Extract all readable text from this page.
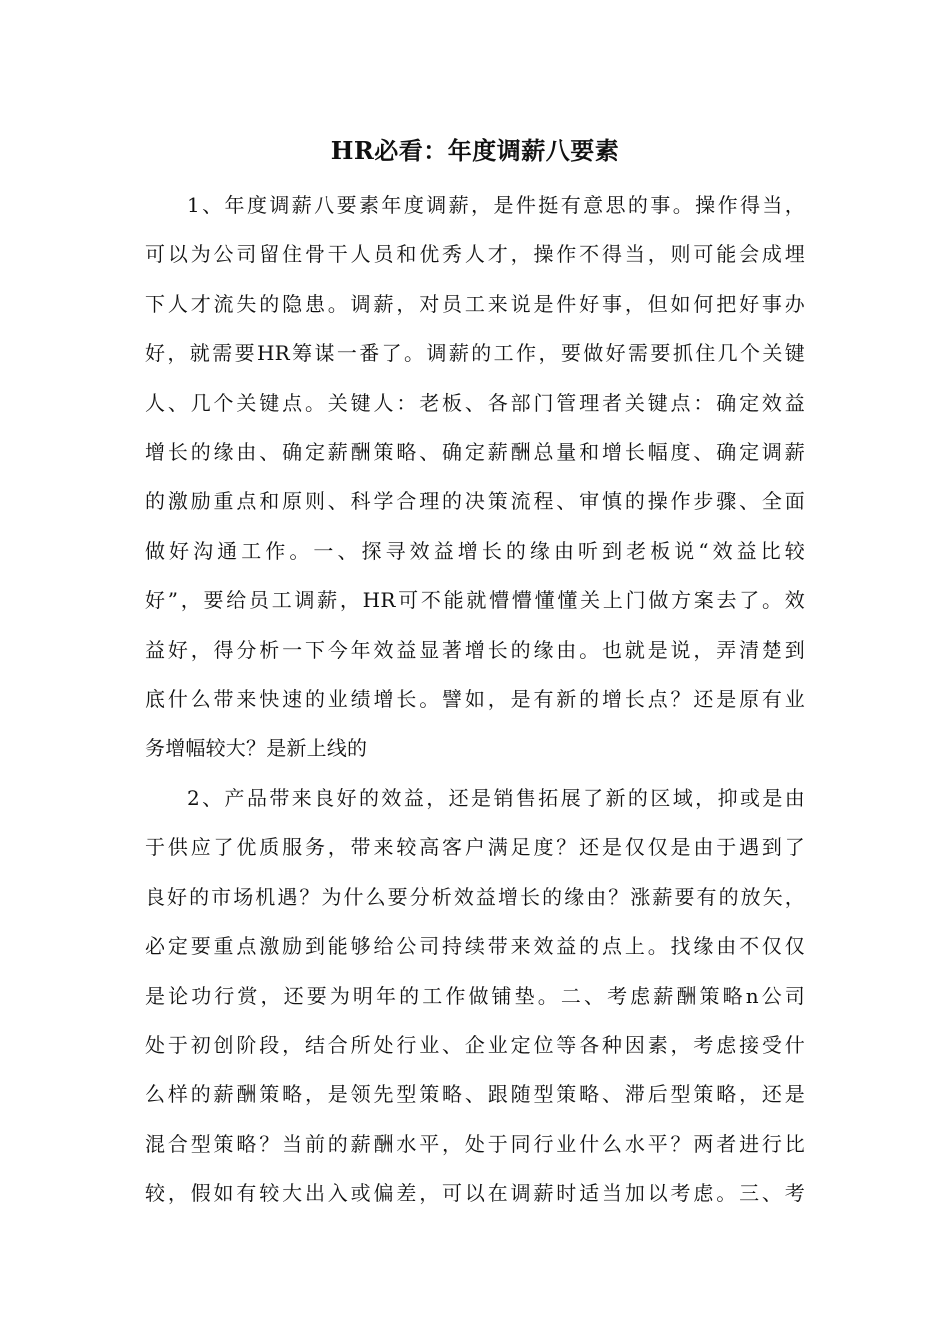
HR必看：年度调薪八要素

1、年度调薪八要素年度调薪，是件挺有意思的事。操作得当，
可以为公司留住骨干人员和优秀人才，操作不得当，则可能会成埋
下人才流失的隐患。调薪，对员工来说是件好事，但如何把好事办
好，就需要HR筹谋一番了。调薪的工作，要做好需要抓住几个关键
人、几个关键点。关键人：老板、各部门管理者关键点：确定效益
增长的缘由、确定薪酬策略、确定薪酬总量和增长幅度、确定调薪
的激励重点和原则、科学合理的决策流程、审慎的操作步骤、全面
做好沟通工作。一、探寻效益增长的缘由听到老板说“效益比较
好”，要给员工调薪，HR可不能就懵懵懂懂关上门做方案去了。效
益好，得分析一下今年效益显著增长的缘由。也就是说，弄清楚到
底什么带来快速的业绩增长。譬如，是有新的增长点？还是原有业
务增幅较大？是新上线的

2、产品带来良好的效益，还是销售拓展了新的区域，抑或是由
于供应了优质服务，带来较高客户满足度？还是仅仅是由于遇到了
良好的市场机遇？为什么要分析效益增长的缘由？涨薪要有的放矢，
必定要重点激励到能够给公司持续带来效益的点上。找缘由不仅仅
是论功行赏，还要为明年的工作做铺垫。二、考虑薪酬策略n公司
处于初创阶段，结合所处行业、企业定位等各种因素，考虑接受什
么样的薪酬策略，是领先型策略、跟随型策略、滞后型策略，还是
混合型策略？当前的薪酬水平，处于同行业什么水平？两者进行比
较，假如有较大出入或偏差，可以在调薪时适当加以考虑。三、考
